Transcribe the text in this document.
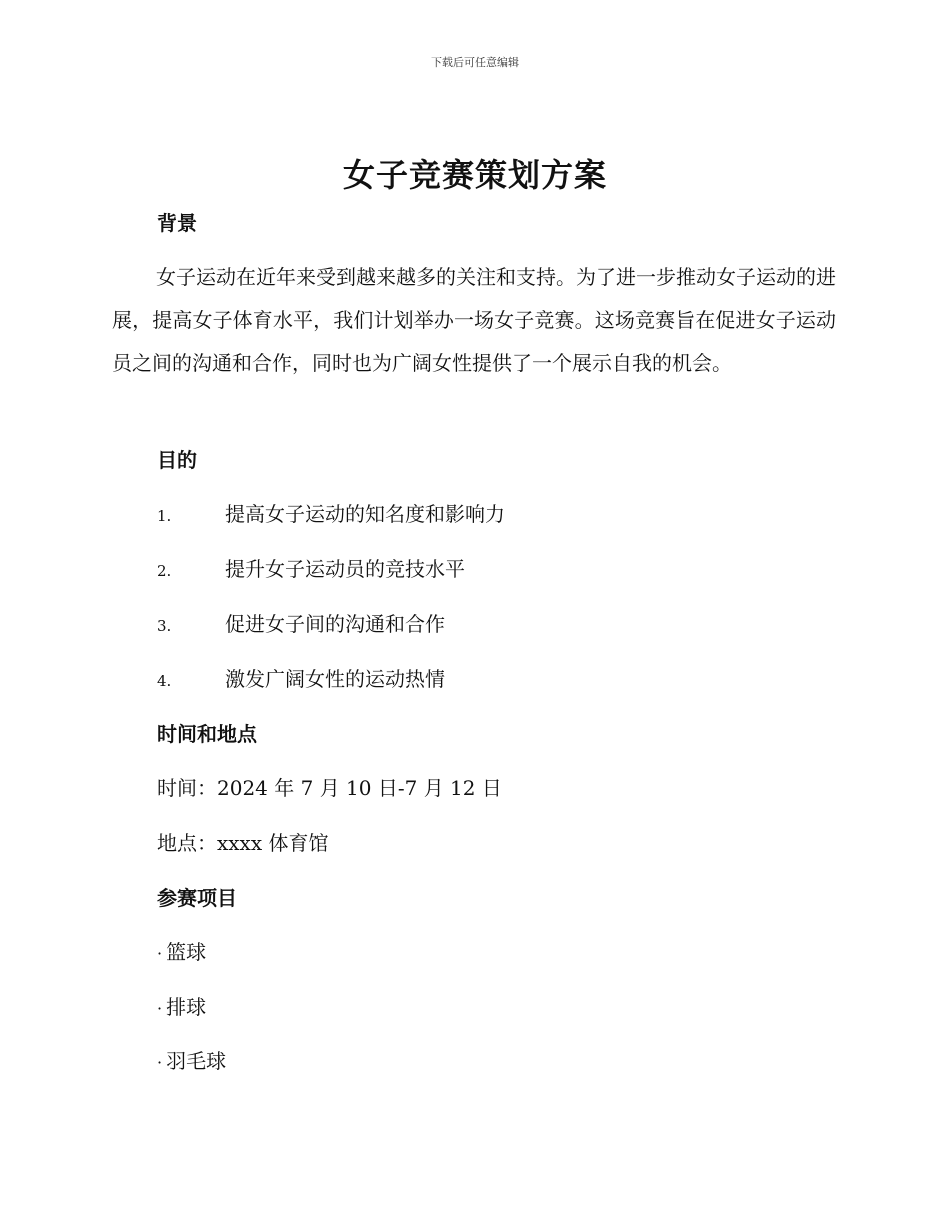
下载后可任意编辑
女子竞赛策划方案
背景
女子运动在近年来受到越来越多的关注和支持。为了进一步推动女子运动的进展，提高女子体育水平，我们计划举办一场女子竞赛。这场竞赛旨在促进女子运动员之间的沟通和合作，同时也为广阔女性提供了一个展示自我的机会。
目的
1.	提高女子运动的知名度和影响力
2.	提升女子运动员的竞技水平
3.	促进女子间的沟通和合作
4.	激发广阔女性的运动热情
时间和地点
时间：2024 年 7 月 10 日-7 月 12 日
地点：xxxx 体育馆
参赛项目
· 篮球
· 排球
· 羽毛球
